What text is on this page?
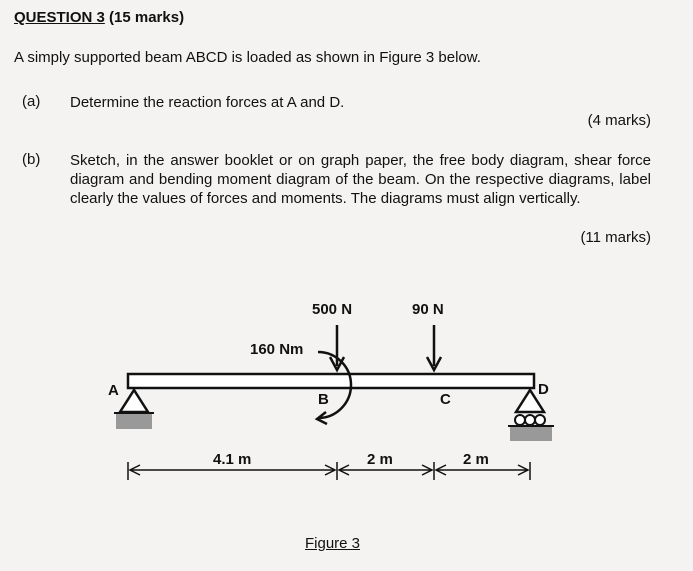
QUESTION 3 (15 marks)
A simply supported beam ABCD is loaded as shown in Figure 3 below.
(a) Determine the reaction forces at A and D.
(4 marks)
(b) Sketch, in the answer booklet or on graph paper, the free body diagram, shear force diagram and bending moment diagram of the beam. On the respective diagrams, label clearly the values of forces and moments. The diagrams must align vertically.
(11 marks)
A
B	C
D
500 N	90 N
160 Nm
4.1 m	2 m	2 m
Figure 3
